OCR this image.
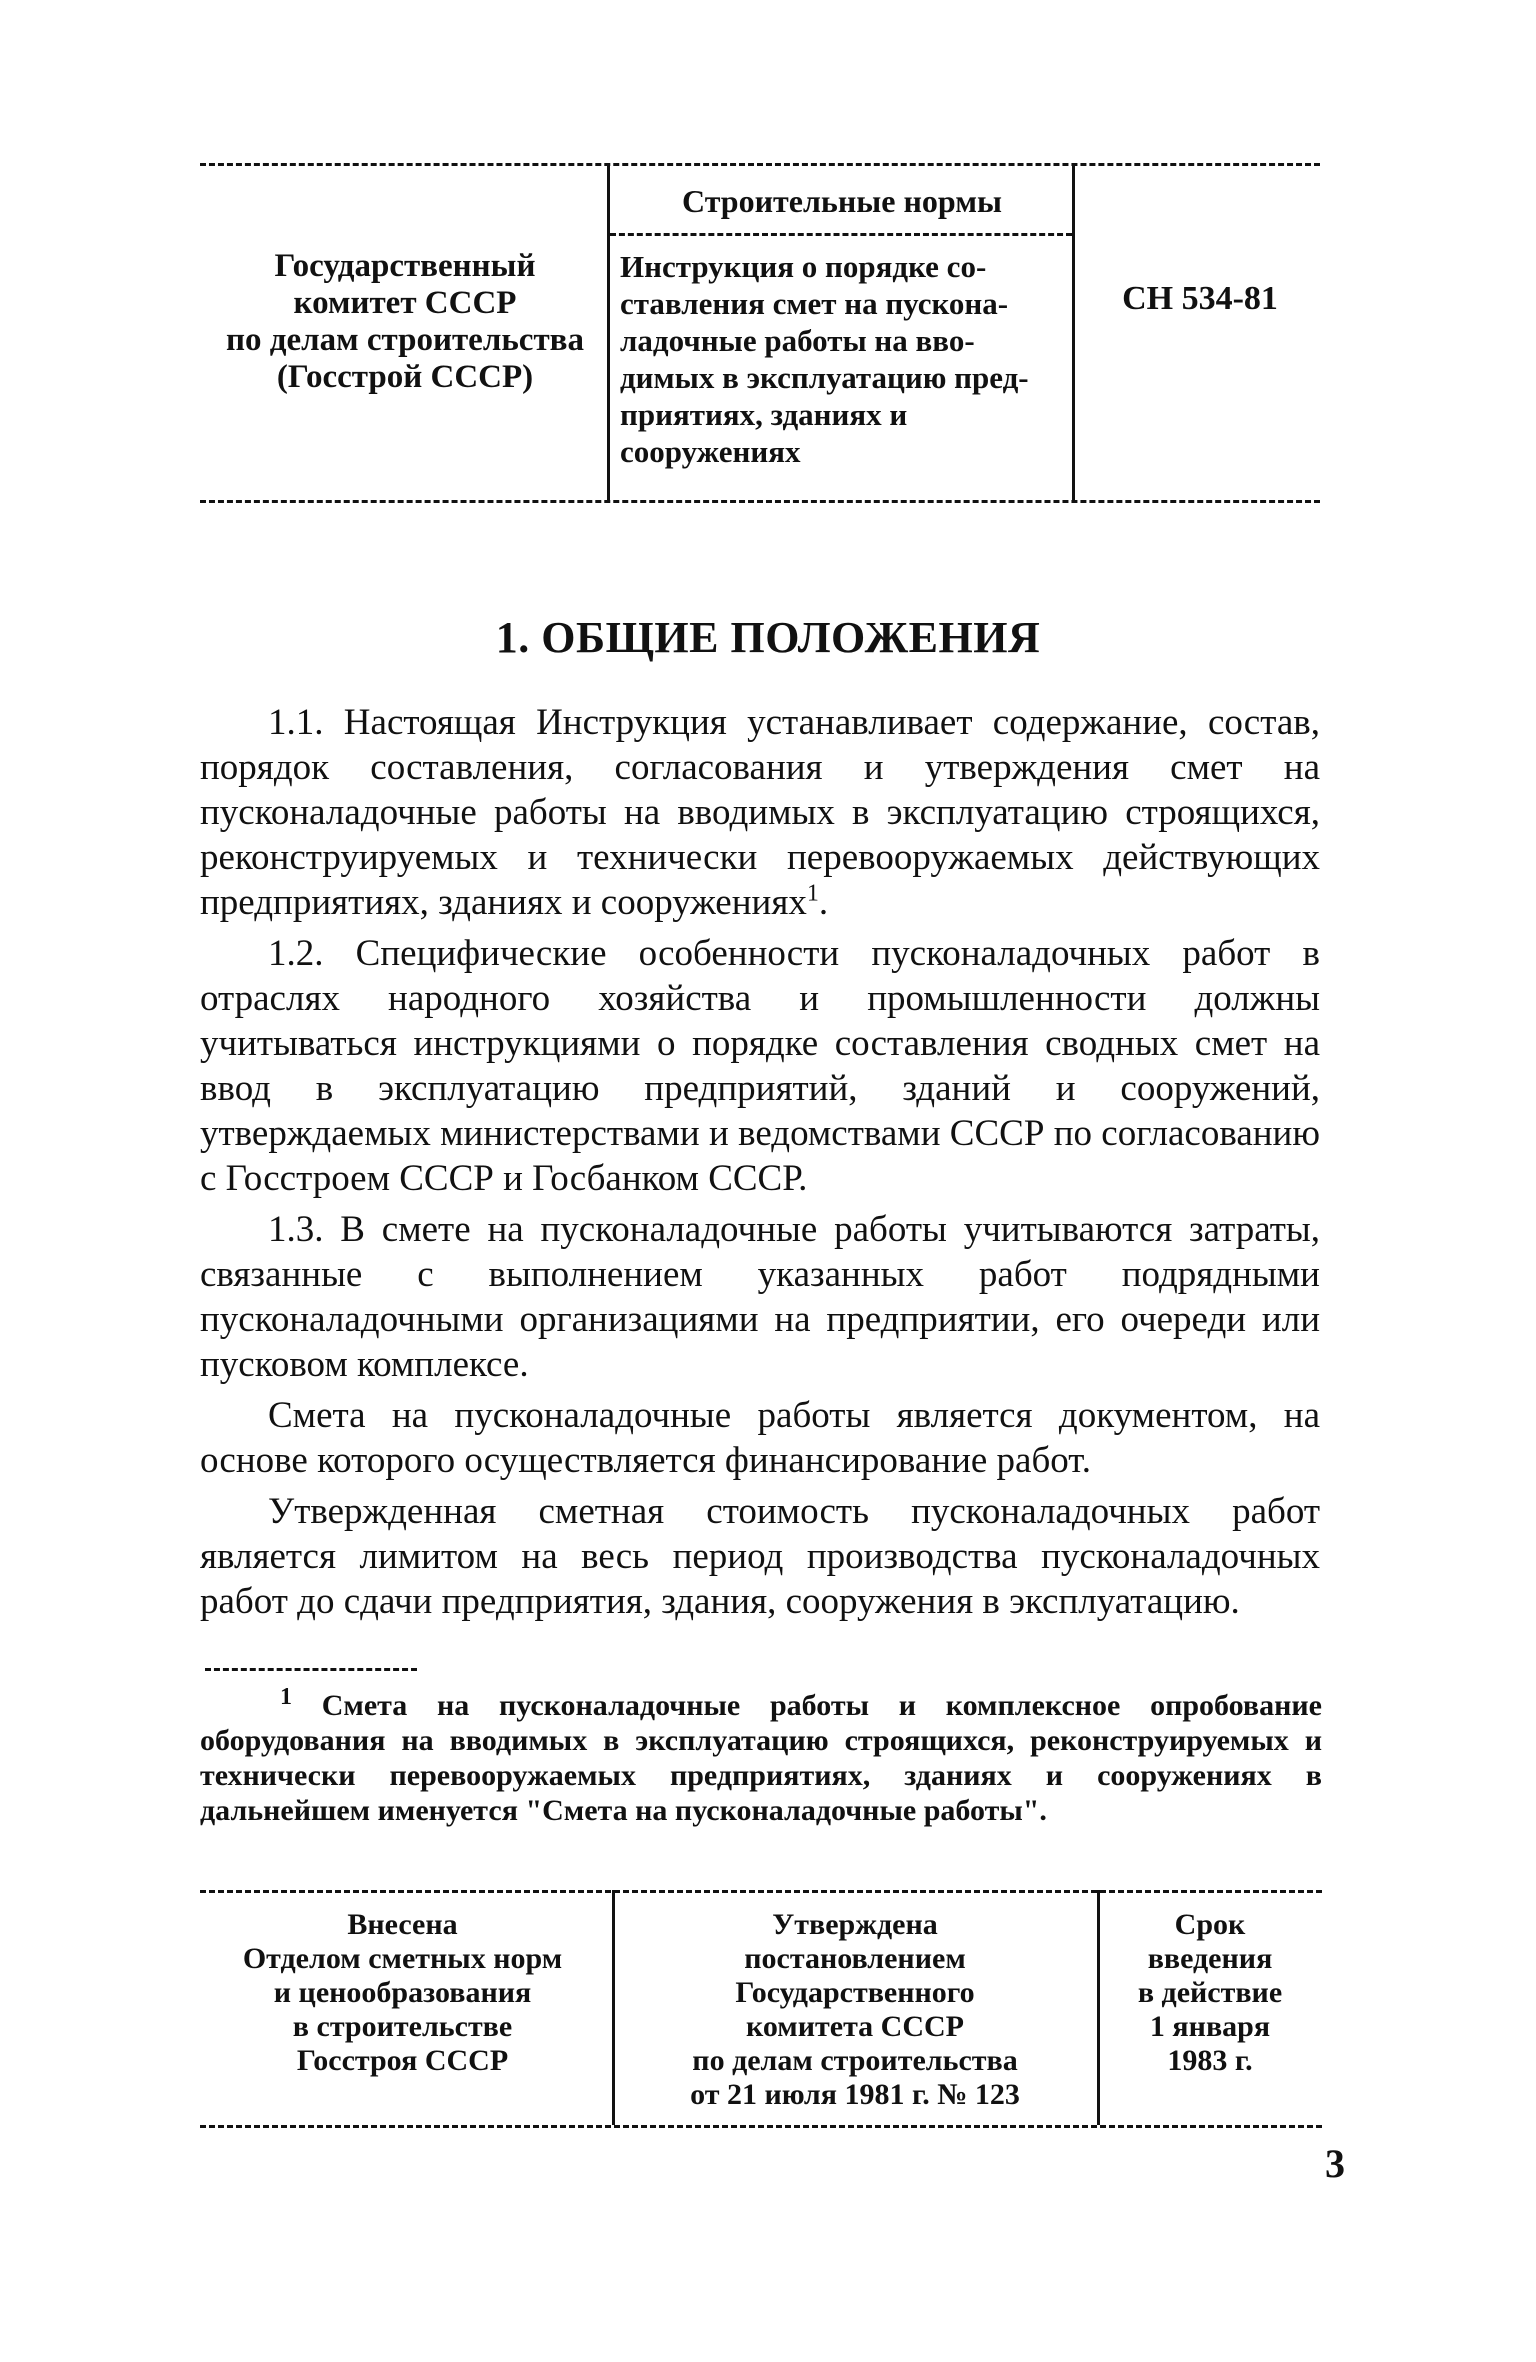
Государственный
комитет СССР
по делам строительства
(Госстрой СССР)
Строительные нормы
Инструкция о порядке со-
ставления смет на пускона-
ладочные работы на вво-
димых в эксплуатацию пред-
приятиях, зданиях и
сооружениях
СН 534-81
1. ОБЩИЕ ПОЛОЖЕНИЯ

1.1. Настоящая Инструкция устанавливает содержание, состав, порядок составления, согласования и утверждения смет на пусконаладочные работы на вводимых в эксплуатацию строящихся, реконструируемых и технически перевооружаемых действующих предприятиях, зданиях и сооружениях$^1$.

1.2. Специфические особенности пусконаладочных работ в отраслях народного хозяйства и промышленности должны учитываться инструкциями о порядке составления сводных смет на ввод в эксплуатацию предприятий, зданий и сооружений, утверждаемых министерствами и ведомствами СССР по согласованию с Госстроем СССР и Госбанком СССР.

1.3. В смете на пусконаладочные работы учитываются затраты, связанные с выполнением указанных работ подрядными пусконаладочными организациями на предприятии, его очереди или пусковом комплексе.

Смета на пусконаладочные работы является документом, на основе которого осуществляется финансирование работ.

Утвержденная сметная стоимость пусконаладочных работ является лимитом на весь период производства пусконаладочных работ до сдачи предприятия, здания, сооружения в эксплуатацию.

$^1$ Смета на пусконаладочные работы и комплексное опробование оборудования на вводимых в эксплуатацию строящихся, реконструируемых и технически перевооружаемых предприятиях, зданиях и сооружениях в дальнейшем именуется "Смета на пусконаладочные работы".

Внесена
Отделом сметных норм
и ценообразования
в строительстве
Госстроя СССР
Утверждена
постановлением
Государственного
комитета СССР
по делам строительства
от 21 июля 1981 г. № 123
Срок
введения
в действие
1 января
1983 г.
3
